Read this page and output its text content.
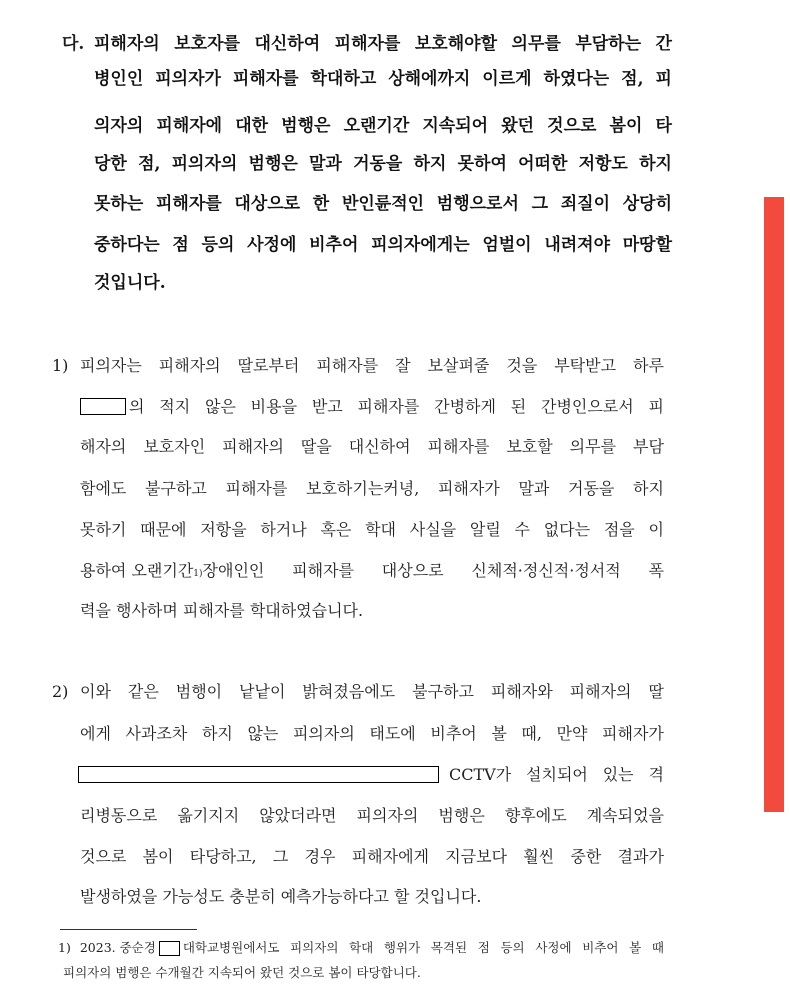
다. 피해자의 보호자를 대신하여 피해자를 보호해야할 의무를 부담하는 간
병인인 피의자가 피해자를 학대하고 상해에까지 이르게 하였다는 점, 피
의자의 피해자에 대한 범행은 오랜기간 지속되어 왔던 것으로 봄이 타
당한 점, 피의자의 범행은 말과 거동을 하지 못하여 어떠한 저항도 하지
못하는 피해자를 대상으로 한 반인륜적인 범행으로서 그 죄질이 상당히
중하다는 점 등의 사정에 비추어 피의자에게는 엄벌이 내려져야 마땅할
것입니다.
1) 피의자는 피해자의 딸로부터 피해자를 잘 보살펴줄 것을 부탁받고 하루
의 적지 않은 비용을 받고 피해자를 간병하게 된 간병인으로서 피
해자의 보호자인 피해자의 딸을 대신하여 피해자를 보호할 의무를 부담
함에도 불구하고 피해자를 보호하기는커녕, 피해자가 말과 거동을 하지
못하기 때문에 저항을 하거나 혹은 학대 사실을 알릴 수 없다는 점을 이
용하여 오랜기간 1) 장애인인 피해자를 대상으로 신체적·정신적·정서적 폭
력을 행사하며 피해자를 학대하였습니다.
2) 이와 같은 범행이 낱낱이 밝혀졌음에도 불구하고 피해자와 피해자의 딸
에게 사과조차 하지 않는 피의자의 태도에 비추어 볼 때, 만약 피해자가
CCTV가 설치되어 있는 격
리병동으로 옮기지지 않았더라면 피의자의 범행은 향후에도 계속되었을
것으로 봄이 타당하고, 그 경우 피해자에게 지금보다 훨씬 중한 결과가
발생하였을 가능성도 충분히 예측가능하다고 할 것입니다.
1) 2023. 중순경 대학교병원에서도 피의자의 학대 행위가 목격된 점 등의 사정에 비추어 볼 때
피의자의 범행은 수개월간 지속되어 왔던 것으로 봄이 타당합니다.
